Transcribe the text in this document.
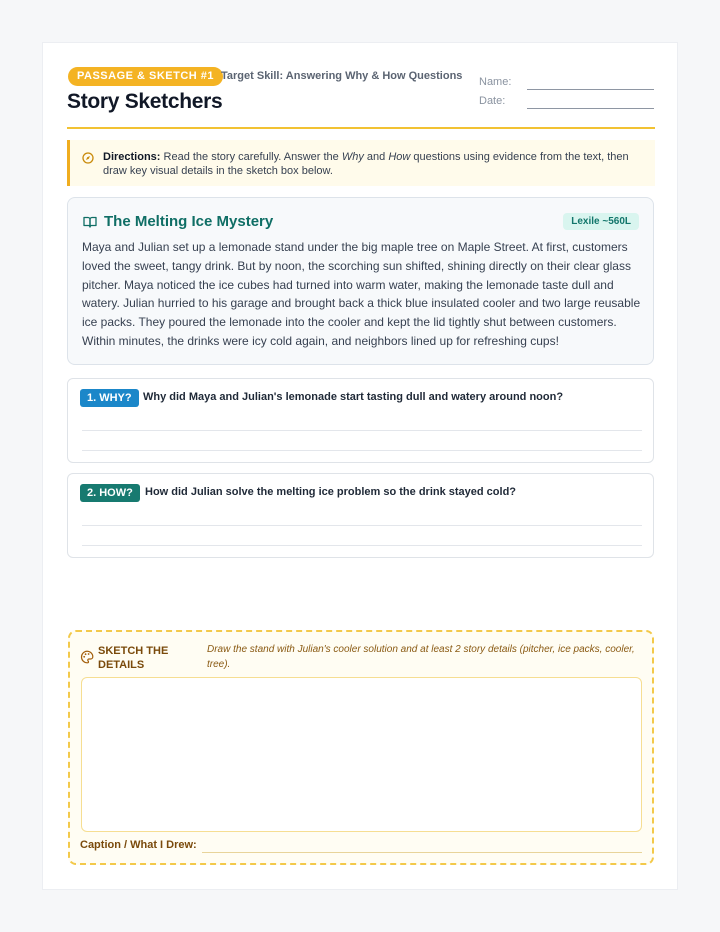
PASSAGE & SKETCH #1 Target Skill: Answering Why & How Questions
Story Sketchers
Name:
Date:

Directions: Read the story carefully. Answer the Why and How questions using evidence from the text, then draw key visual details in the sketch box below.

The Melting Ice Mystery	Lexile ~560L

Maya and Julian set up a lemonade stand under the big maple tree on Maple Street. At first, customers loved the sweet, tangy drink. But by noon, the scorching sun shifted, shining directly on their clear glass pitcher. Maya noticed the ice cubes had turned into warm water, making the lemonade taste dull and watery. Julian hurried to his garage and brought back a thick blue insulated cooler and two large reusable ice packs. They poured the lemonade into the cooler and kept the lid tightly shut between customers. Within minutes, the drinks were icy cold again, and neighbors lined up for refreshing cups!

1. WHY?	Why did Maya and Julian's lemonade start tasting dull and watery around noon?
2. HOW?	How did Julian solve the melting ice problem so the drink stayed cold?
SKETCH THE DETAILS

Draw the stand with Julian's cooler solution and at least 2 story details (pitcher, ice packs, cooler, tree).

Caption / What I Drew:
